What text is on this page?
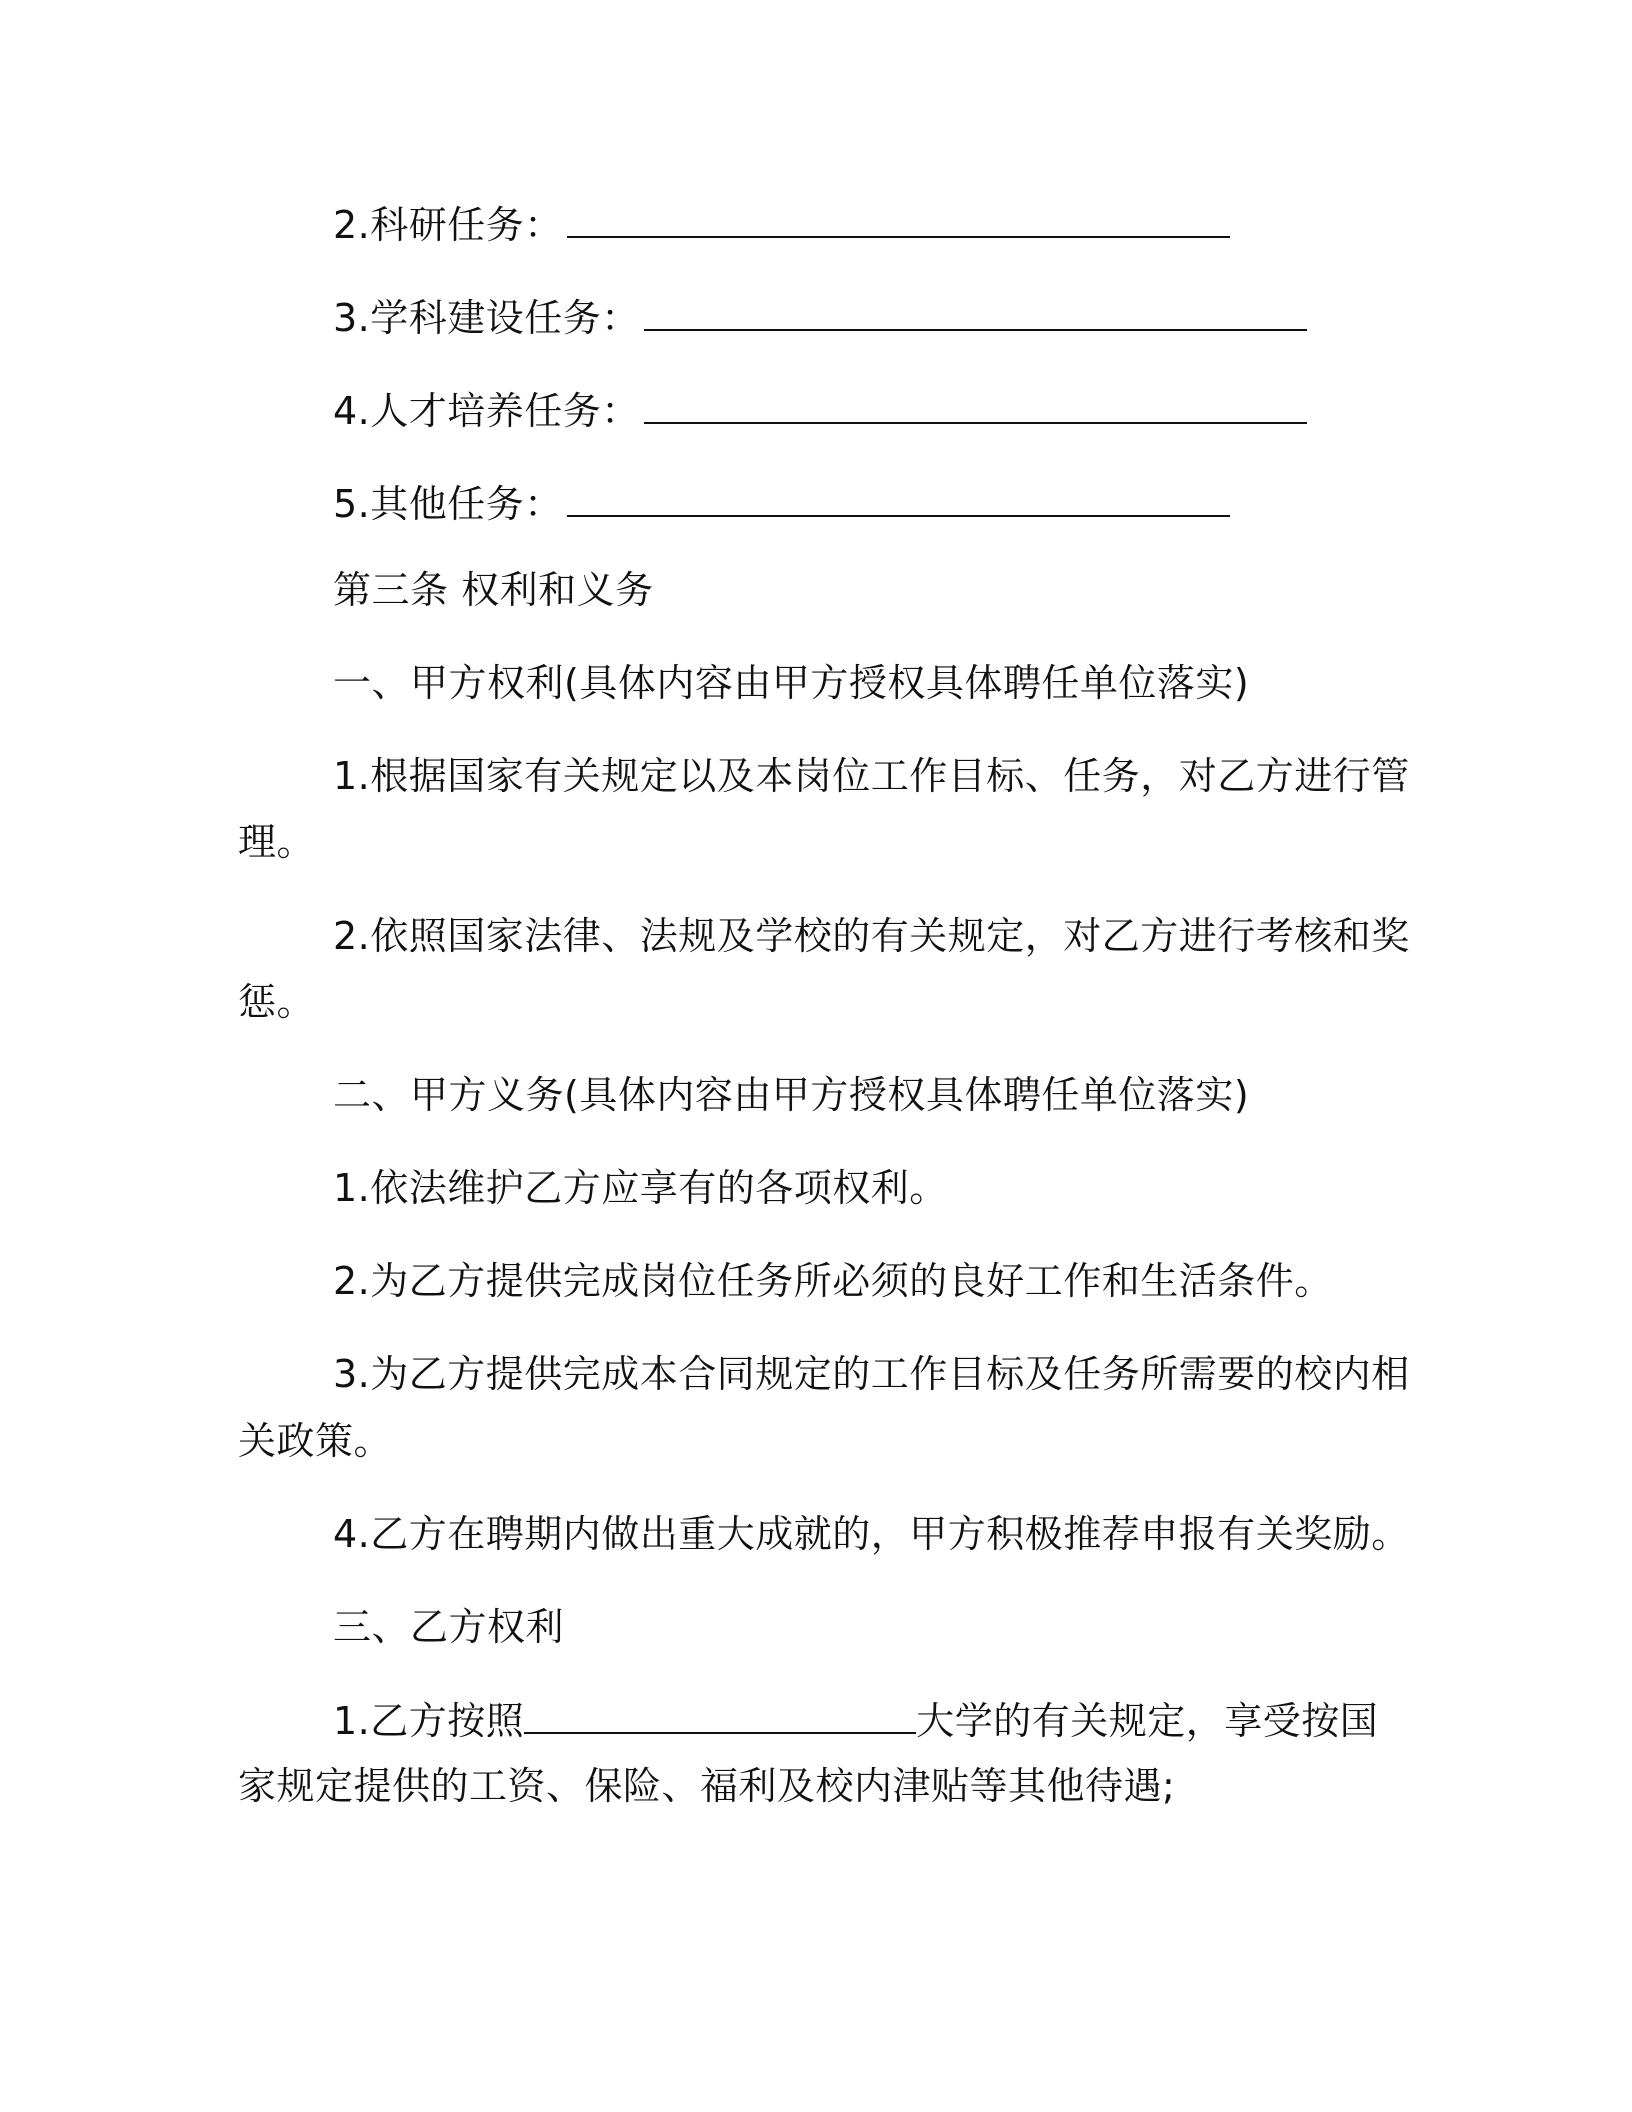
2.科研任务：
3.学科建设任务：
4.人才培养任务：
5.其他任务：
第三条 权利和义务
一、甲方权利(具体内容由甲方授权具体聘任单位落实)
1.根据国家有关规定以及本岗位工作目标、任务，对乙方进行管
理。
2.依照国家法律、法规及学校的有关规定，对乙方进行考核和奖
惩。
二、甲方义务(具体内容由甲方授权具体聘任单位落实)
1.依法维护乙方应享有的各项权利。
2.为乙方提供完成岗位任务所必须的良好工作和生活条件。
3.为乙方提供完成本合同规定的工作目标及任务所需要的校内相
关政策。
4.乙方在聘期内做出重大成就的，甲方积极推荐申报有关奖励。
三、乙方权利
1.乙方按照	大学的有关规定，享受按国
家规定提供的工资、保险、福利及校内津贴等其他待遇;
